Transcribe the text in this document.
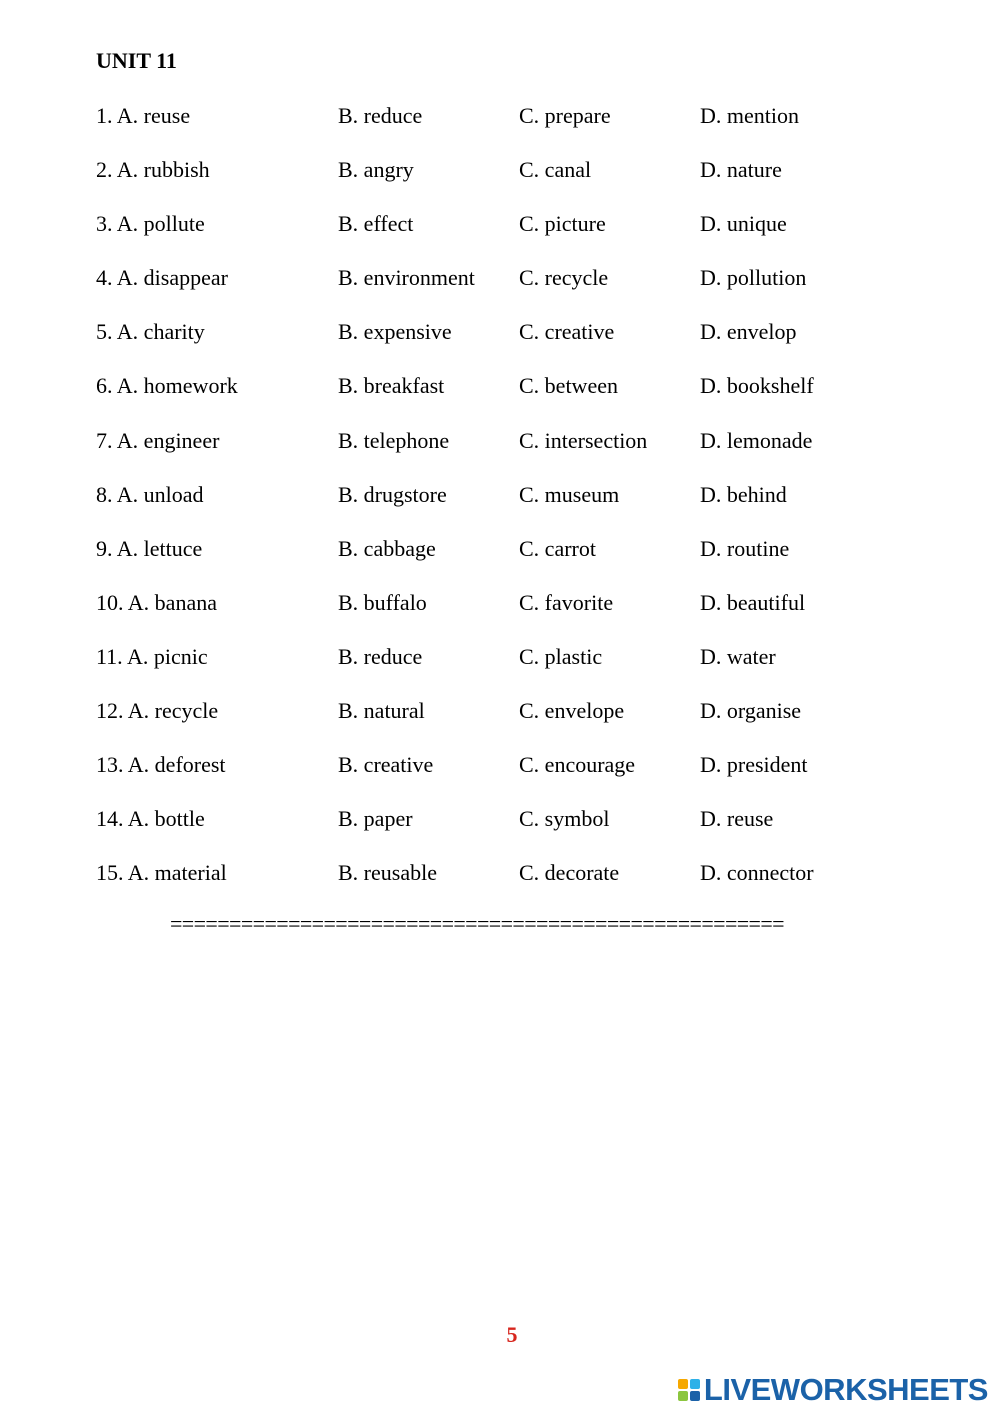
UNIT 11
1. A. reuse	B. reduce	C. prepare	D. mention
2. A. rubbish	B. angry	C. canal	D. nature
3. A. pollute	B. effect	C. picture	D. unique
4. A. disappear	B. environment C. recycle	D. pollution
5. A. charity	B. expensive	C. creative	D. envelop
6. A. homework	B. breakfast	C. between	D. bookshelf
7. A. engineer	B. telephone	C. intersection D. lemonade
8. A. unload	B. drugstore	C. museum	D. behind
9. A. lettuce	B. cabbage	C. carrot	D. routine
10. A. banana	B. buffalo	C. favorite	D. beautiful
11. A. picnic	B. reduce	C. plastic	D. water
12. A. recycle	B. natural	C. envelope	D. organise
13. A. deforest	B. creative	C. encourage	D. president
14. A. bottle	B. paper	C. symbol	D. reuse
15. A. material	B. reusable	C. decorate	D. connector
====================================================
5
LIVEWORKSHEETS
